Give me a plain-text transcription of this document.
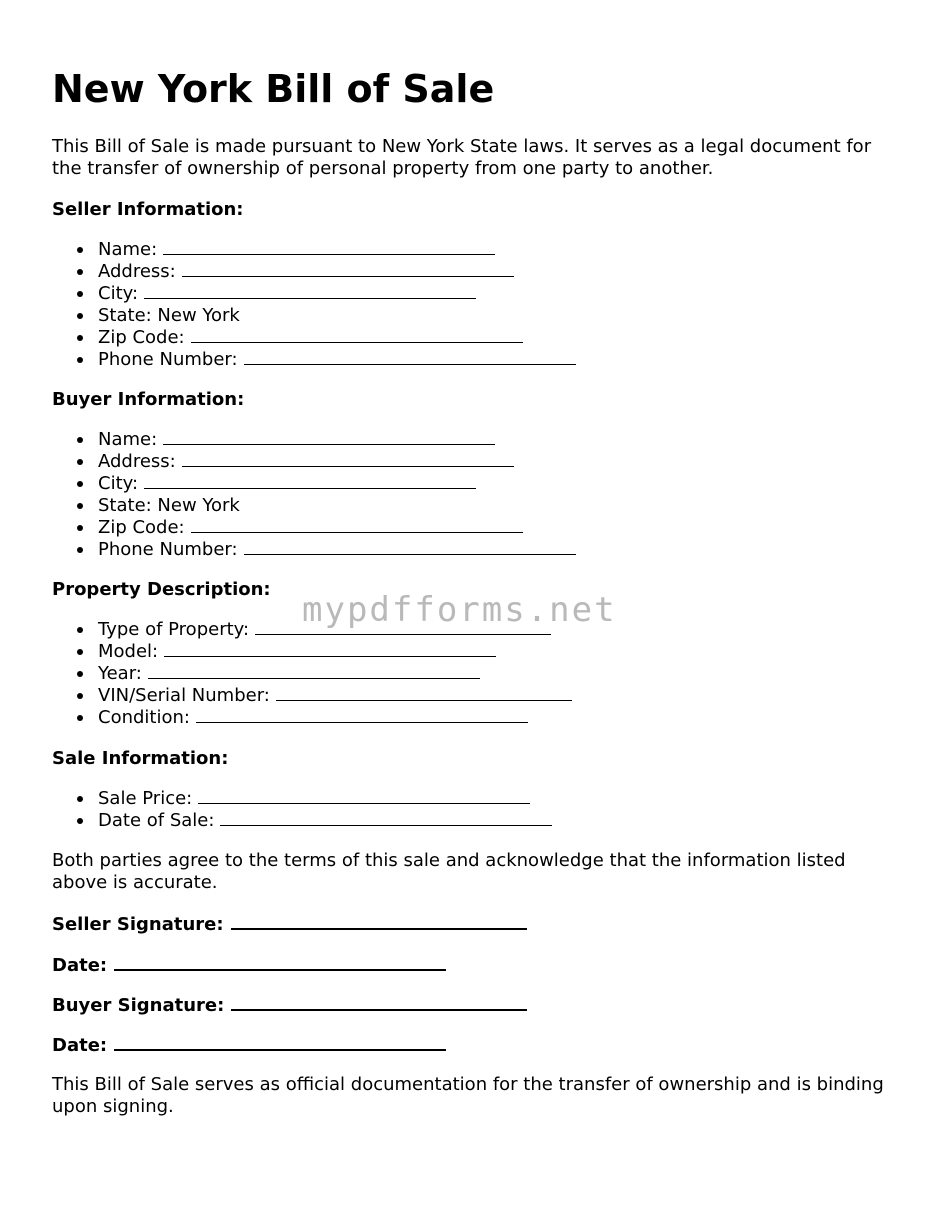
New York Bill of Sale

This Bill of Sale is made pursuant to New York State laws. It serves as a legal document for the transfer of ownership of personal property from one party to another.

Seller Information:

Name:
Address:
City:
State: New York
Zip Code:
Phone Number:

Buyer Information:

Name:
Address:
City:
State: New York
Zip Code:
Phone Number:

Property Description:

Type of Property:
Model:
Year:
VIN/Serial Number:
Condition:

Sale Information:

Sale Price:
Date of Sale:

Both parties agree to the terms of this sale and acknowledge that the information listed above is accurate.

Seller Signature:

Date:

Buyer Signature:

Date:

This Bill of Sale serves as official documentation for the transfer of ownership and is binding upon signing.

mypdfforms.net
